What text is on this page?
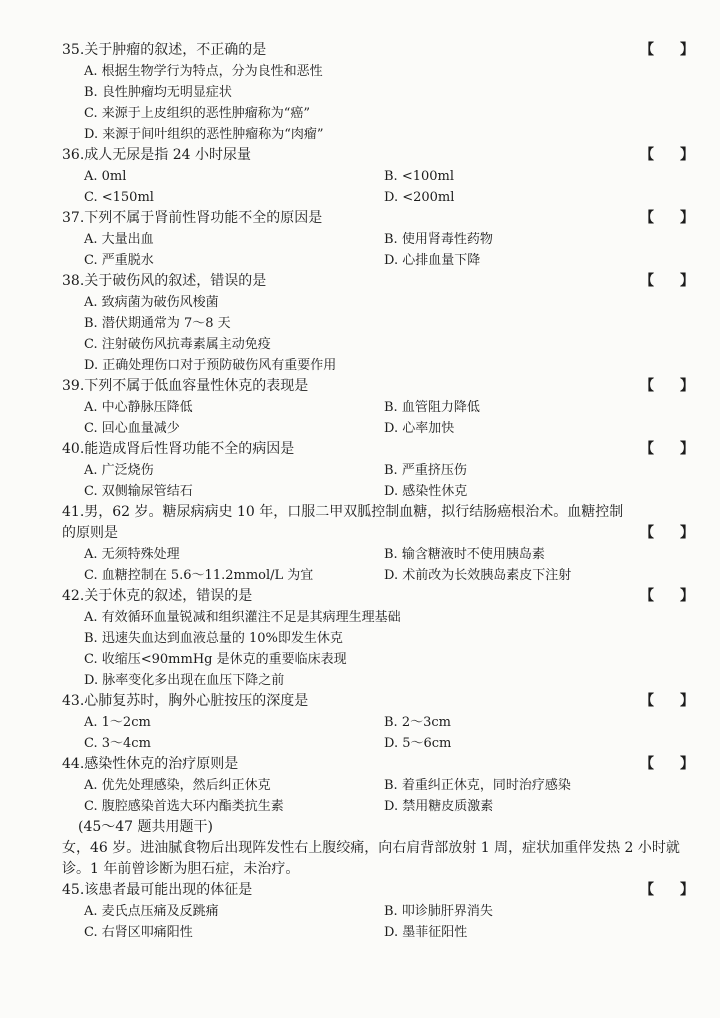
35.关于肿瘤的叙述，不正确的是	【 】
A. 根据生物学行为特点，分为良性和恶性
B. 良性肿瘤均无明显症状
C. 来源于上皮组织的恶性肿瘤称为“癌”
D. 来源于间叶组织的恶性肿瘤称为“肉瘤”
36.成人无尿是指 24 小时尿量	【 】
A. 0ml	B. <100ml
C. <150ml	D. <200ml
37.下列不属于肾前性肾功能不全的原因是	【 】
A. 大量出血	B. 使用肾毒性药物
C. 严重脱水	D. 心排血量下降
38.关于破伤风的叙述，错误的是	【 】
A. 致病菌为破伤风梭菌
B. 潜伏期通常为 7～8 天
C. 注射破伤风抗毒素属主动免疫
D. 正确处理伤口对于预防破伤风有重要作用
39.下列不属于低血容量性休克的表现是	【 】
A. 中心静脉压降低	B. 血管阻力降低
C. 回心血量减少	D. 心率加快
40.能造成肾后性肾功能不全的病因是	【 】
A. 广泛烧伤	B. 严重挤压伤
C. 双侧输尿管结石	D. 感染性休克
41.男，62 岁。糖尿病病史 10 年，口服二甲双胍控制血糖，拟行结肠癌根治术。血糖控制的原则是	【 】
A. 无须特殊处理	B. 输含糖液时不使用胰岛素
C. 血糖控制在 5.6～11.2mmol/L 为宜	D. 术前改为长效胰岛素皮下注射
42.关于休克的叙述，错误的是	【 】
A. 有效循环血量锐减和组织灌注不足是其病理生理基础
B. 迅速失血达到血液总量的 10%即发生休克
C. 收缩压<90mmHg 是休克的重要临床表现
D. 脉率变化多出现在血压下降之前
43.心肺复苏时，胸外心脏按压的深度是	【 】
A. 1～2cm	B. 2～3cm
C. 3～4cm	D. 5～6cm
44.感染性休克的治疗原则是	【 】
A. 优先处理感染，然后纠正休克	B. 着重纠正休克，同时治疗感染
C. 腹腔感染首选大环内酯类抗生素	D. 禁用糖皮质激素
(45～47 题共用题干)
女，46 岁。进油腻食物后出现阵发性右上腹绞痛，向右肩背部放射 1 周，症状加重伴发热 2 小时就诊。1 年前曾诊断为胆石症，未治疗。
45.该患者最可能出现的体征是	【 】
A. 麦氏点压痛及反跳痛	B. 叩诊肺肝界消失
C. 右肾区叩痛阳性	D. 墨菲征阳性
